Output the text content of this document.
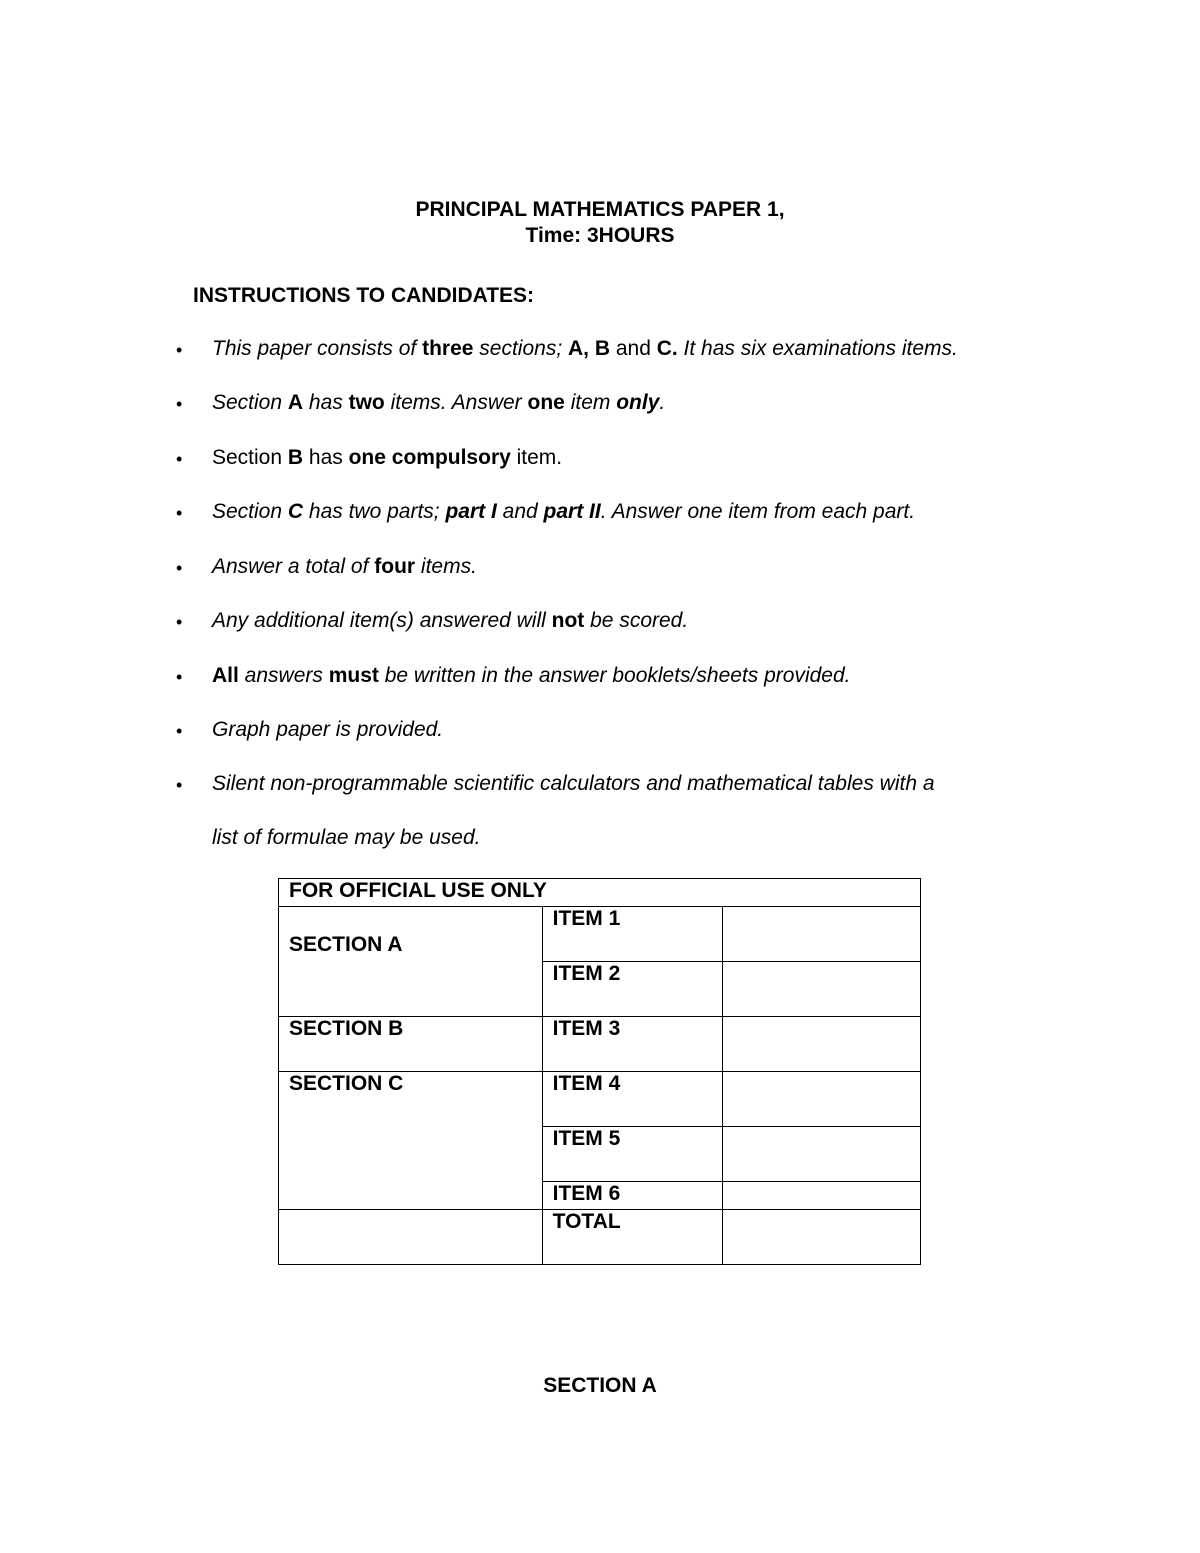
PRINCIPAL MATHEMATICS PAPER 1,
Time: 3HOURS
INSTRUCTIONS TO CANDIDATES:
• This paper consists of three sections; A, B and C. It has six examinations items.
• Section A has two items. Answer one item only.
• Section B has one compulsory item.
• Section C has two parts; part I and part II. Answer one item from each part.
• Answer a total of four items.
• Any additional item(s) answered will not be scored.
• All answers must be written in the answer booklets/sheets provided.
• Graph paper is provided.
• Silent non-programmable scientific calculators and mathematical tables with a
list of formulae may be used.
FOR OFFICIAL USE ONLY		
SECTION A	ITEM 1	
	ITEM 2	
SECTION B	ITEM 3	
SECTION C	ITEM 4	
	ITEM 5	
	ITEM 6	
	TOTAL	
SECTION A
